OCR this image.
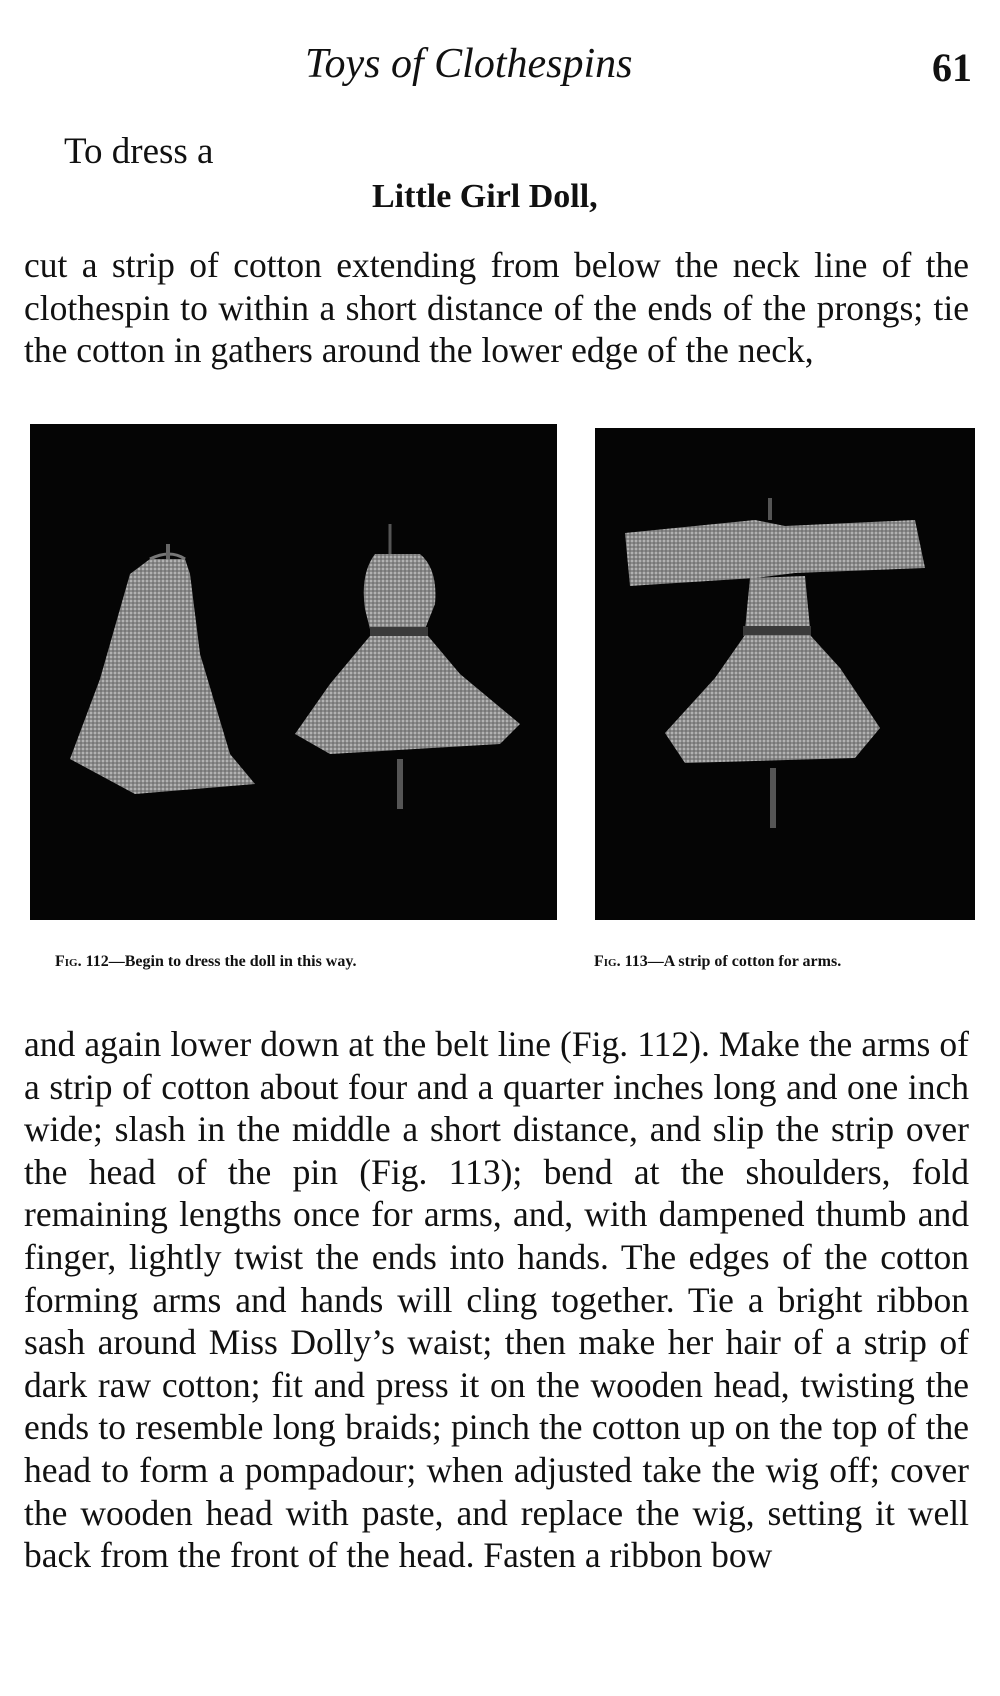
Toys of Clothespins	61
To dress a
Little Girl Doll,

cut a strip of cotton extending from below the neck line of the clothespin to within a short distance of the ends of the prongs; tie the cotton in gathers around the lower edge of the neck,

Fig. 112—Begin to dress the doll in this way.	Fig. 113—A strip of cotton for arms.

and again lower down at the belt line (Fig. 112). Make the arms of a strip of cotton about four and a quarter inches long and one inch wide; slash in the middle a short distance, and slip the strip over the head of the pin (Fig. 113); bend at the shoulders, fold remaining lengths once for arms, and, with dampened thumb and finger, lightly twist the ends into hands. The edges of the cotton forming arms and hands will cling together. Tie a bright ribbon sash around Miss Dolly’s waist; then make her hair of a strip of dark raw cotton; fit and press it on the wooden head, twisting the ends to resemble long braids; pinch the cotton up on the top of the head to form a pompadour; when adjusted take the wig off; cover the wooden head with paste, and replace the wig, setting it well back from the front of the head. Fasten a ribbon bow
